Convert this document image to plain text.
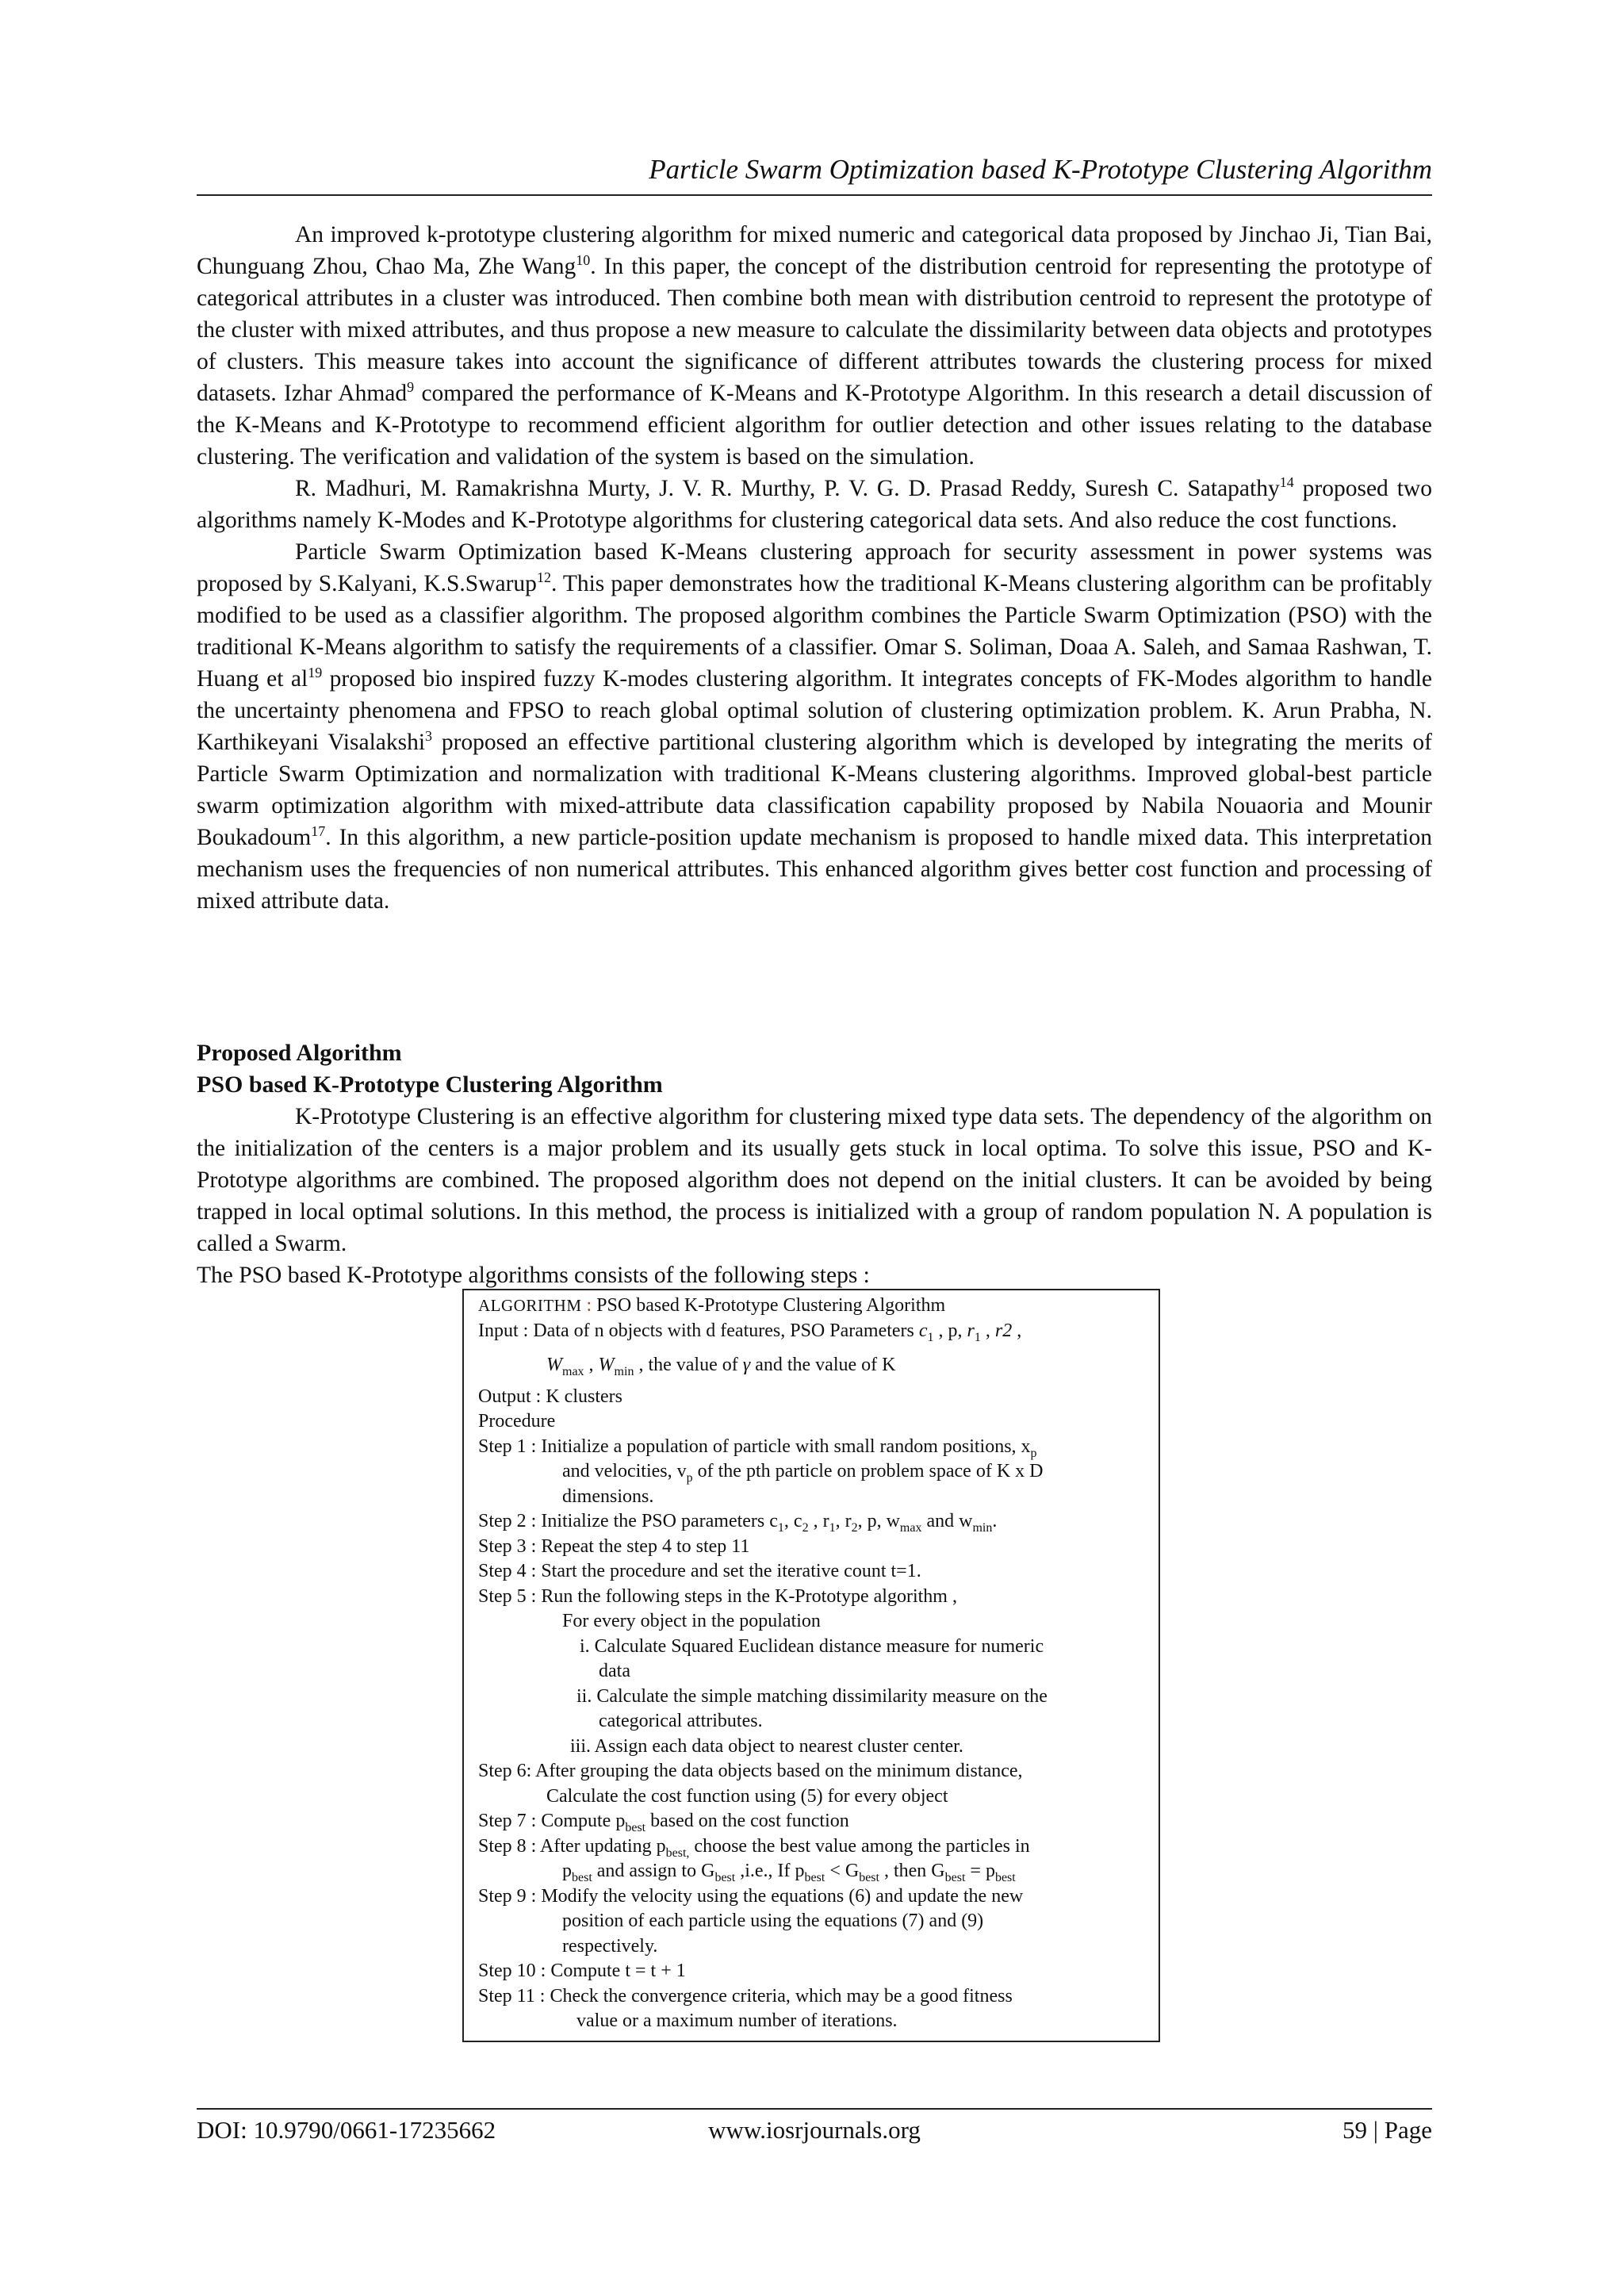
Particle Swarm Optimization based K-Prototype Clustering Algorithm

An improved k-prototype clustering algorithm for mixed numeric and categorical data proposed by Jinchao Ji, Tian Bai, Chunguang Zhou, Chao Ma, Zhe Wang$^{10}$. In this paper, the concept of the distribution centroid for representing the prototype of categorical attributes in a cluster was introduced. Then combine both mean with distribution centroid to represent the prototype of the cluster with mixed attributes, and thus propose a new measure to calculate the dissimilarity between data objects and prototypes of clusters. This measure takes into account the significance of different attributes towards the clustering process for mixed datasets. Izhar Ahmad$^9$ compared the performance of K-Means and K-Prototype Algorithm. In this research a detail discussion of the K-Means and K-Prototype to recommend efficient algorithm for outlier detection and other issues relating to the database clustering. The verification and validation of the system is based on the simulation.

R. Madhuri, M. Ramakrishna Murty, J. V. R. Murthy, P. V. G. D. Prasad Reddy, Suresh C. Satapathy$^{14}$ proposed two algorithms namely K-Modes and K-Prototype algorithms for clustering categorical data sets. And also reduce the cost functions.

Particle Swarm Optimization based K-Means clustering approach for security assessment in power systems was proposed by S.Kalyani, K.S.Swarup$^{12}$. This paper demonstrates how the traditional K-Means clustering algorithm can be profitably modified to be used as a classifier algorithm. The proposed algorithm combines the Particle Swarm Optimization (PSO) with the traditional K-Means algorithm to satisfy the requirements of a classifier. Omar S. Soliman, Doaa A. Saleh, and Samaa Rashwan, T. Huang et $al^{19}$ proposed bio inspired fuzzy K-modes clustering algorithm. It integrates concepts of FK-Modes algorithm to handle the uncertainty phenomena and FPSO to reach global optimal solution of clustering optimization problem. K. Arun Prabha, N. Karthikeyani Visalakshi$^3$ proposed an effective partitional clustering algorithm which is developed by integrating the merits of Particle Swarm Optimization and normalization with traditional K-Means clustering algorithms. Improved global-best particle swarm optimization algorithm with mixed-attribute data classification capability proposed by Nabila Nouaoria and Mounir Boukadoum$^{17}$. In this algorithm, a new particle-position update mechanism is proposed to handle mixed data. This interpretation mechanism uses the frequencies of non numerical attributes. This enhanced algorithm gives better cost function and processing of mixed attribute data.

Proposed Algorithm
PSO based K-Prototype Clustering Algorithm

K-Prototype Clustering is an effective algorithm for clustering mixed type data sets. The dependency of the algorithm on the initialization of the centers is a major problem and its usually gets stuck in local optima. To solve this issue, PSO and K-Prototype algorithms are combined. The proposed algorithm does not depend on the initial clusters. It can be avoided by being trapped in local optimal solutions. In this method, the process is initialized with a group of random population N. A population is called a Swarm.

The PSO based K-Prototype algorithms consists of the following steps :

ALGORITHM : PSO based K-Prototype Clustering Algorithm
Input : Data of n objects with d features, PSO Parameters $c_1$ , p, $r_1$ , r2 ,
$W_{max}$ , $W_{min}$ , the value of γ and the value of K
Output : K clusters
Procedure
Step 1 : Initialize a population of particle with small random positions, $x_p$
and velocities, $v_p$ of the pth particle on problem space of K x D
dimensions.
Step 2 : Initialize the PSO parameters $c_1$, $c_2$ , $r_1$, $r_2$, p, $w_{max}$ and $w_{min}$.
Step 3 : Repeat the step 4 to step 11
Step 4 : Start the procedure and set the iterative count t=1.
Step 5 : Run the following steps in the K-Prototype algorithm ,
For every object in the population
i. Calculate Squared Euclidean distance measure for numeric
data
ii. Calculate the simple matching dissimilarity measure on the
categorical attributes.
iii. Assign each data object to nearest cluster center.
Step 6: After grouping the data objects based on the minimum distance,
Calculate the cost function using (5) for every object
Step 7 : Compute $p_{best}$ based on the cost function
Step 8 : After updating $p_{best,}$ choose the best value among the particles in
$p_{best}$ and assign to $G_{best}$ ,i.e., If $p_{best} < G_{best}$ , then $G_{best} = p_{best}$
Step 9 : Modify the velocity using the equations (6) and update the new
position of each particle using the equations (7) and (9)
respectively.
Step 10 : Compute t = t + 1
Step 11 : Check the convergence criteria, which may be a good fitness
value or a maximum number of iterations.
DOI: 10.9790/0661-17235662	www.iosrjournals.org	59 | Page
